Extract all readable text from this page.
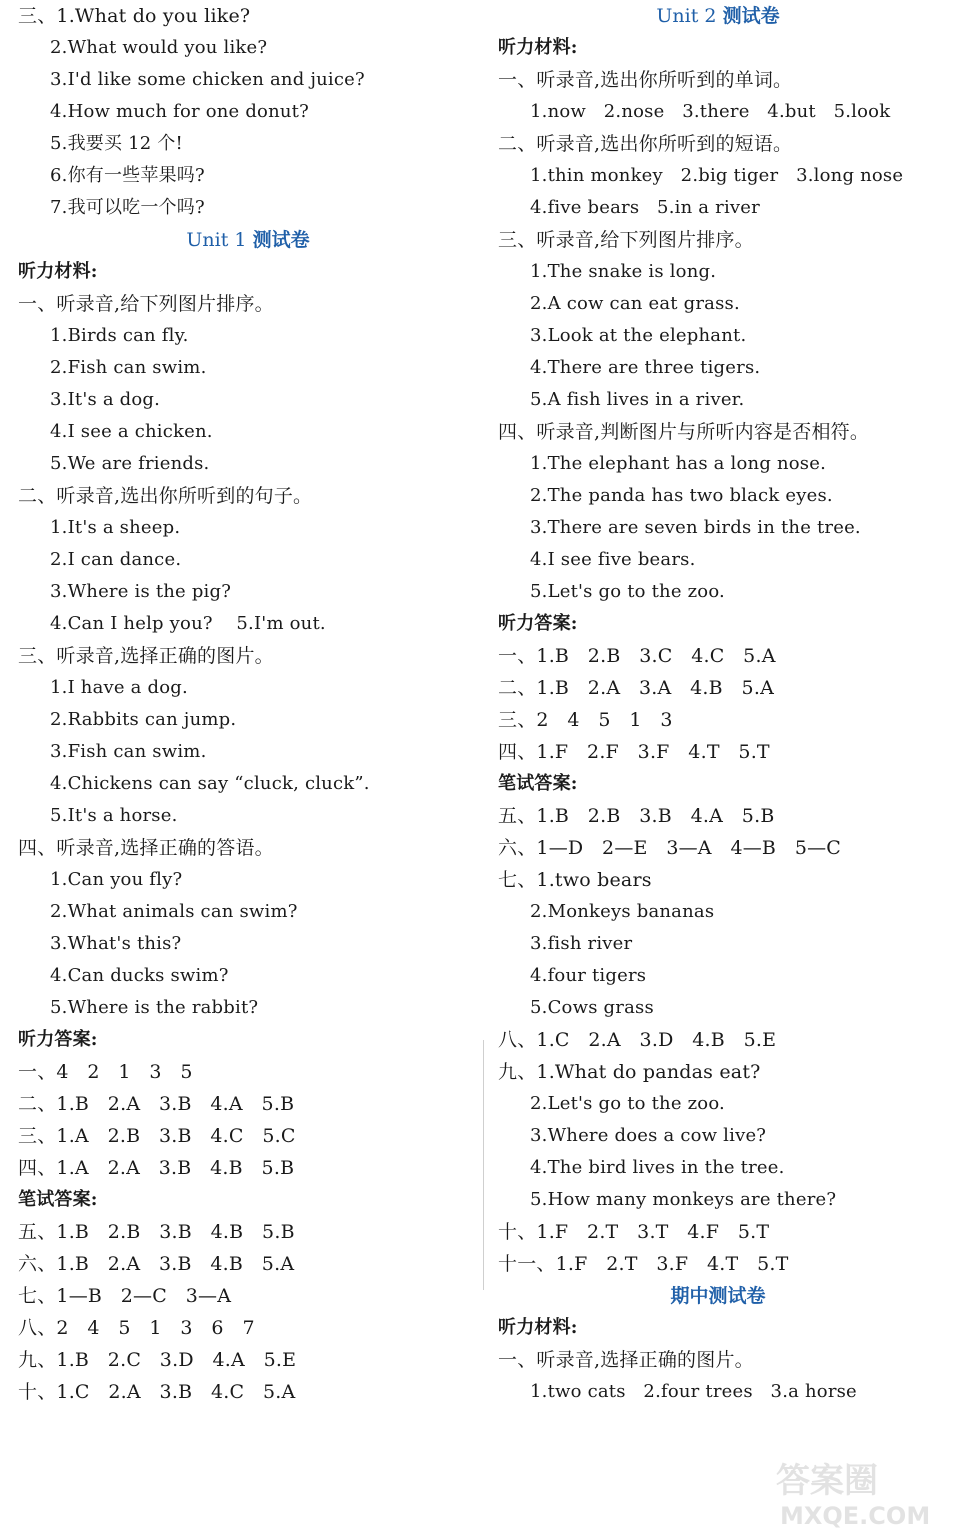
三、1.What do you like?
2.What would you like?
3.I'd like some chicken and juice?
4.How much for one donut?
5.我要买 12 个!
6.你有一些苹果吗?
7.我可以吃一个吗?
Unit 1 测试卷
听力材料:
一、听录音,给下列图片排序。
1.Birds can fly.
2.Fish can swim.
3.It's a dog.
4.I see a chicken.
5.We are friends.
二、听录音,选出你所听到的句子。
1.It's a sheep.
2.I can dance.
3.Where is the pig?
4.Can I help you?    5.I'm out.
三、听录音,选择正确的图片。
1.I have a dog.
2.Rabbits can jump.
3.Fish can swim.
4.Chickens can say “cluck, cluck”.
5.It's a horse.
四、听录音,选择正确的答语。
1.Can you fly?
2.What animals can swim?
3.What's this?
4.Can ducks swim?
5.Where is the rabbit?
听力答案:
一、4   2   1   3   5
二、1.B   2.A   3.B   4.A   5.B
三、1.A   2.B   3.B   4.C   5.C
四、1.A   2.A   3.B   4.B   5.B
笔试答案:
五、1.B   2.B   3.B   4.B   5.B
六、1.B   2.A   3.B   4.B   5.A
七、1—B   2—C   3—A
八、2   4   5   1   3   6   7
九、1.B   2.C   3.D   4.A   5.E
十、1.C   2.A   3.B   4.C   5.A
Unit 2 测试卷
听力材料:
一、听录音,选出你所听到的单词。
1.now   2.nose   3.there   4.but   5.look
二、听录音,选出你所听到的短语。
1.thin monkey   2.big tiger   3.long nose
4.five bears   5.in a river
三、听录音,给下列图片排序。
1.The snake is long.
2.A cow can eat grass.
3.Look at the elephant.
4.There are three tigers.
5.A fish lives in a river.
四、听录音,判断图片与所听内容是否相符。
1.The elephant has a long nose.
2.The panda has two black eyes.
3.There are seven birds in the tree.
4.I see five bears.
5.Let's go to the zoo.
听力答案:
一、1.B   2.B   3.C   4.C   5.A
二、1.B   2.A   3.A   4.B   5.A
三、2   4   5   1   3
四、1.F   2.F   3.F   4.T   5.T
笔试答案:
五、1.B   2.B   3.B   4.A   5.B
六、1—D   2—E   3—A   4—B   5—C
七、1.two bears
2.Monkeys bananas
3.fish river
4.four tigers
5.Cows grass
八、1.C   2.A   3.D   4.B   5.E
九、1.What do pandas eat?
2.Let's go to the zoo.
3.Where does a cow live?
4.The bird lives in the tree.
5.How many monkeys are there?
十、1.F   2.T   3.T   4.F   5.T
十一、1.F   2.T   3.F   4.T   5.T
期中测试卷
听力材料:
一、听录音,选择正确的图片。
1.two cats   2.four trees   3.a horse
答案圈
MXQE.COM
